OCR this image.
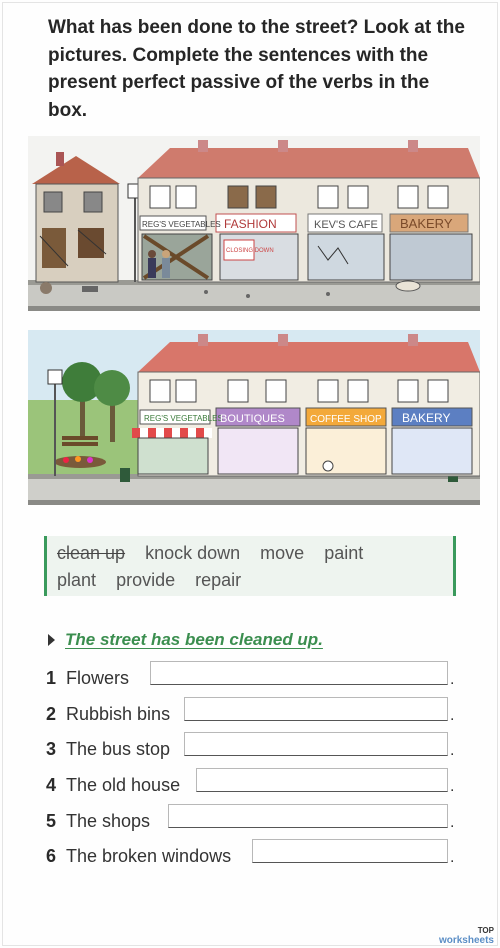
What has been done to the street? Look at the pictures. Complete the sentences with the present perfect passive of the verbs in the box.
REG'S VEGETABLES FASHION	KEV'S CAFE BAKERY
CLOSING DOWN
REG'S VEGETABLES
BOUTIQUES	COFFEE SHOP BAKERY
clean up knock down move paint
plant provide repair
The street has been cleaned up.
1 Flowers	.
2 Rubbish bins	.
3 The bus stop	.
4 The old house	.
5 The shops	.
6 The broken windows	.
TOP
worksheets
